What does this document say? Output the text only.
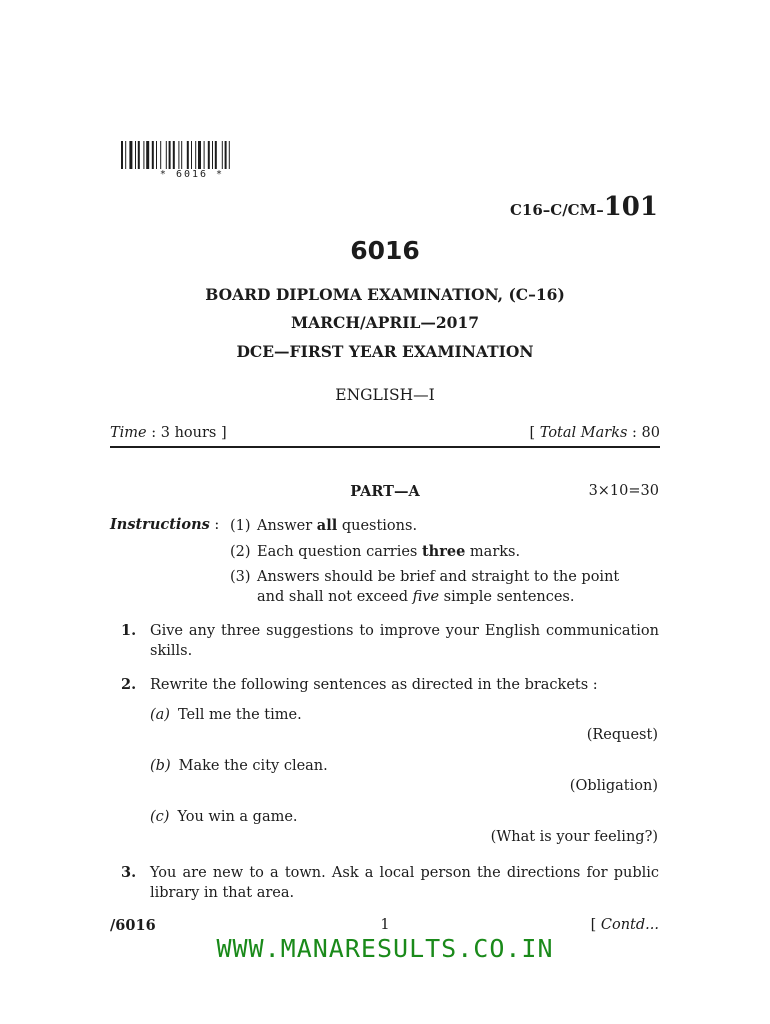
* 6016 *
C16–C/CM–101
6016
BOARD DIPLOMA EXAMINATION, (C–16)
MARCH/APRIL—2017
DCE—FIRST YEAR EXAMINATION
ENGLISH—I
Time : 3 hours ]	[ Total Marks : 80
PART—A	3×10=30
Instructions : (1) Answer all questions.
(2) Each question carries three marks.
(3) Answers should be brief and straight to the point
and shall not exceed five simple sentences.
1. Give any three suggestions to improve your English communication skills.
2. Rewrite the following sentences as directed in the brackets :
(a) Tell me the time.
(Request)
(b) Make the city clean.
(Obligation)
(c) You win a game.
(What is your feeling?)
3. You are new to a town. Ask a local person the directions for public library in that area.
/6016	1	[ Contd...
WWW.MANARESULTS.CO.IN
